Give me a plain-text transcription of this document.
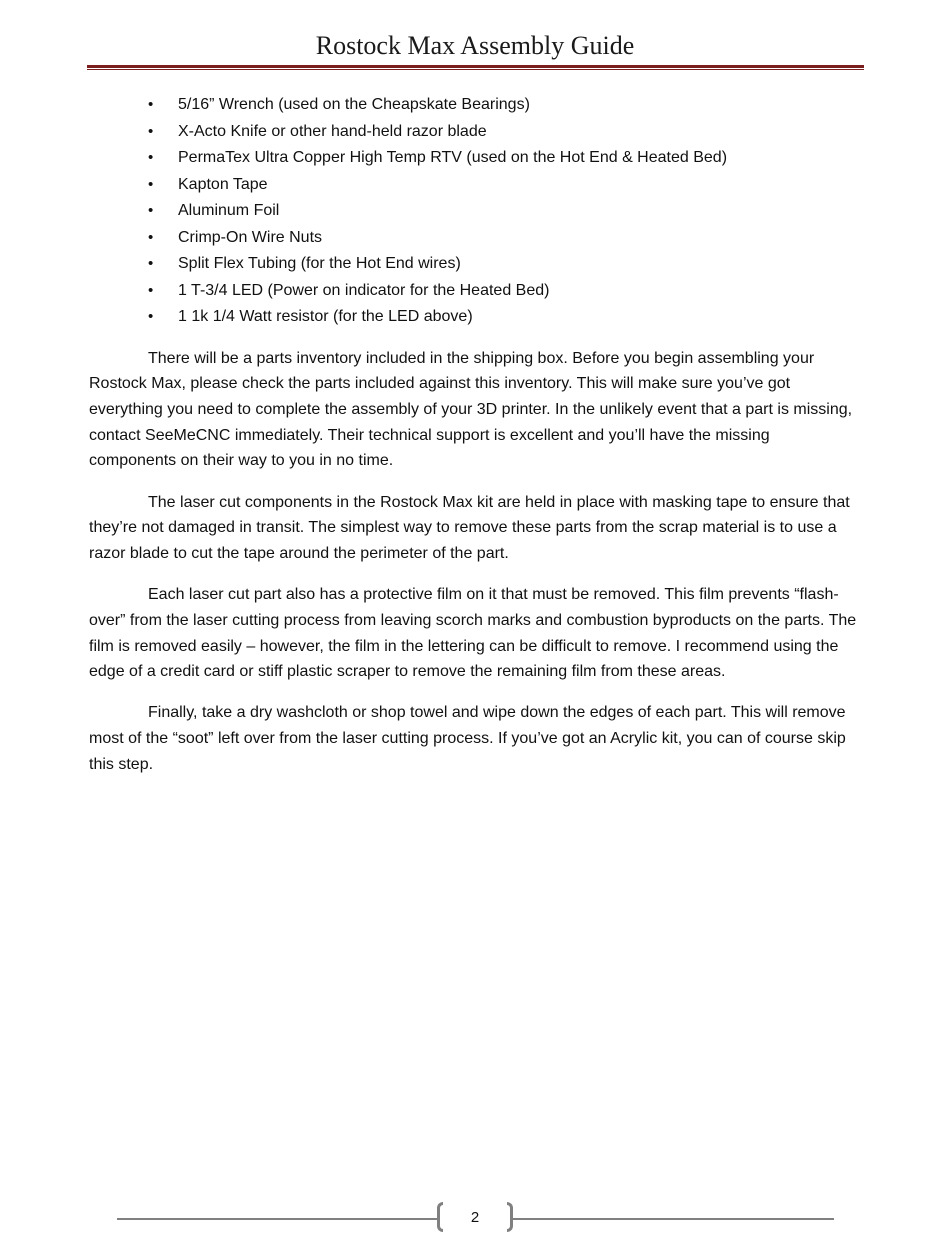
Rostock Max Assembly Guide
• 5/16” Wrench (used on the Cheapskate Bearings)
• X-Acto Knife or other hand-held razor blade
• PermaTex Ultra Copper High Temp RTV (used on the Hot End & Heated Bed)
• Kapton Tape
• Aluminum Foil
• Crimp-On Wire Nuts
• Split Flex Tubing (for the Hot End wires)
• 1 T-3/4 LED (Power on indicator for the Heated Bed)
• 1 1k 1/4 Watt resistor (for the LED above)

There will be a parts inventory included in the shipping box. Before you begin assembling your Rostock Max, please check the parts included against this inventory. This will make sure you’ve got everything you need to complete the assembly of your 3D printer. In the unlikely event that a part is missing, contact SeeMeCNC immediately. Their technical support is excellent and you’ll have the missing components on their way to you in no time.

The laser cut components in the Rostock Max kit are held in place with masking tape to ensure that they’re not damaged in transit. The simplest way to remove these parts from the scrap material is to use a razor blade to cut the tape around the perimeter of the part.

Each laser cut part also has a protective film on it that must be removed. This film prevents “flash-over” from the laser cutting process from leaving scorch marks and combustion byproducts on the parts. The film is removed easily – however, the film in the lettering can be difficult to remove. I recommend using the edge of a credit card or stiff plastic scraper to remove the remaining film from these areas.

Finally, take a dry washcloth or shop towel and wipe down the edges of each part. This will remove most of the “soot” left over from the laser cutting process. If you’ve got an Acrylic kit, you can of course skip this step.

2
